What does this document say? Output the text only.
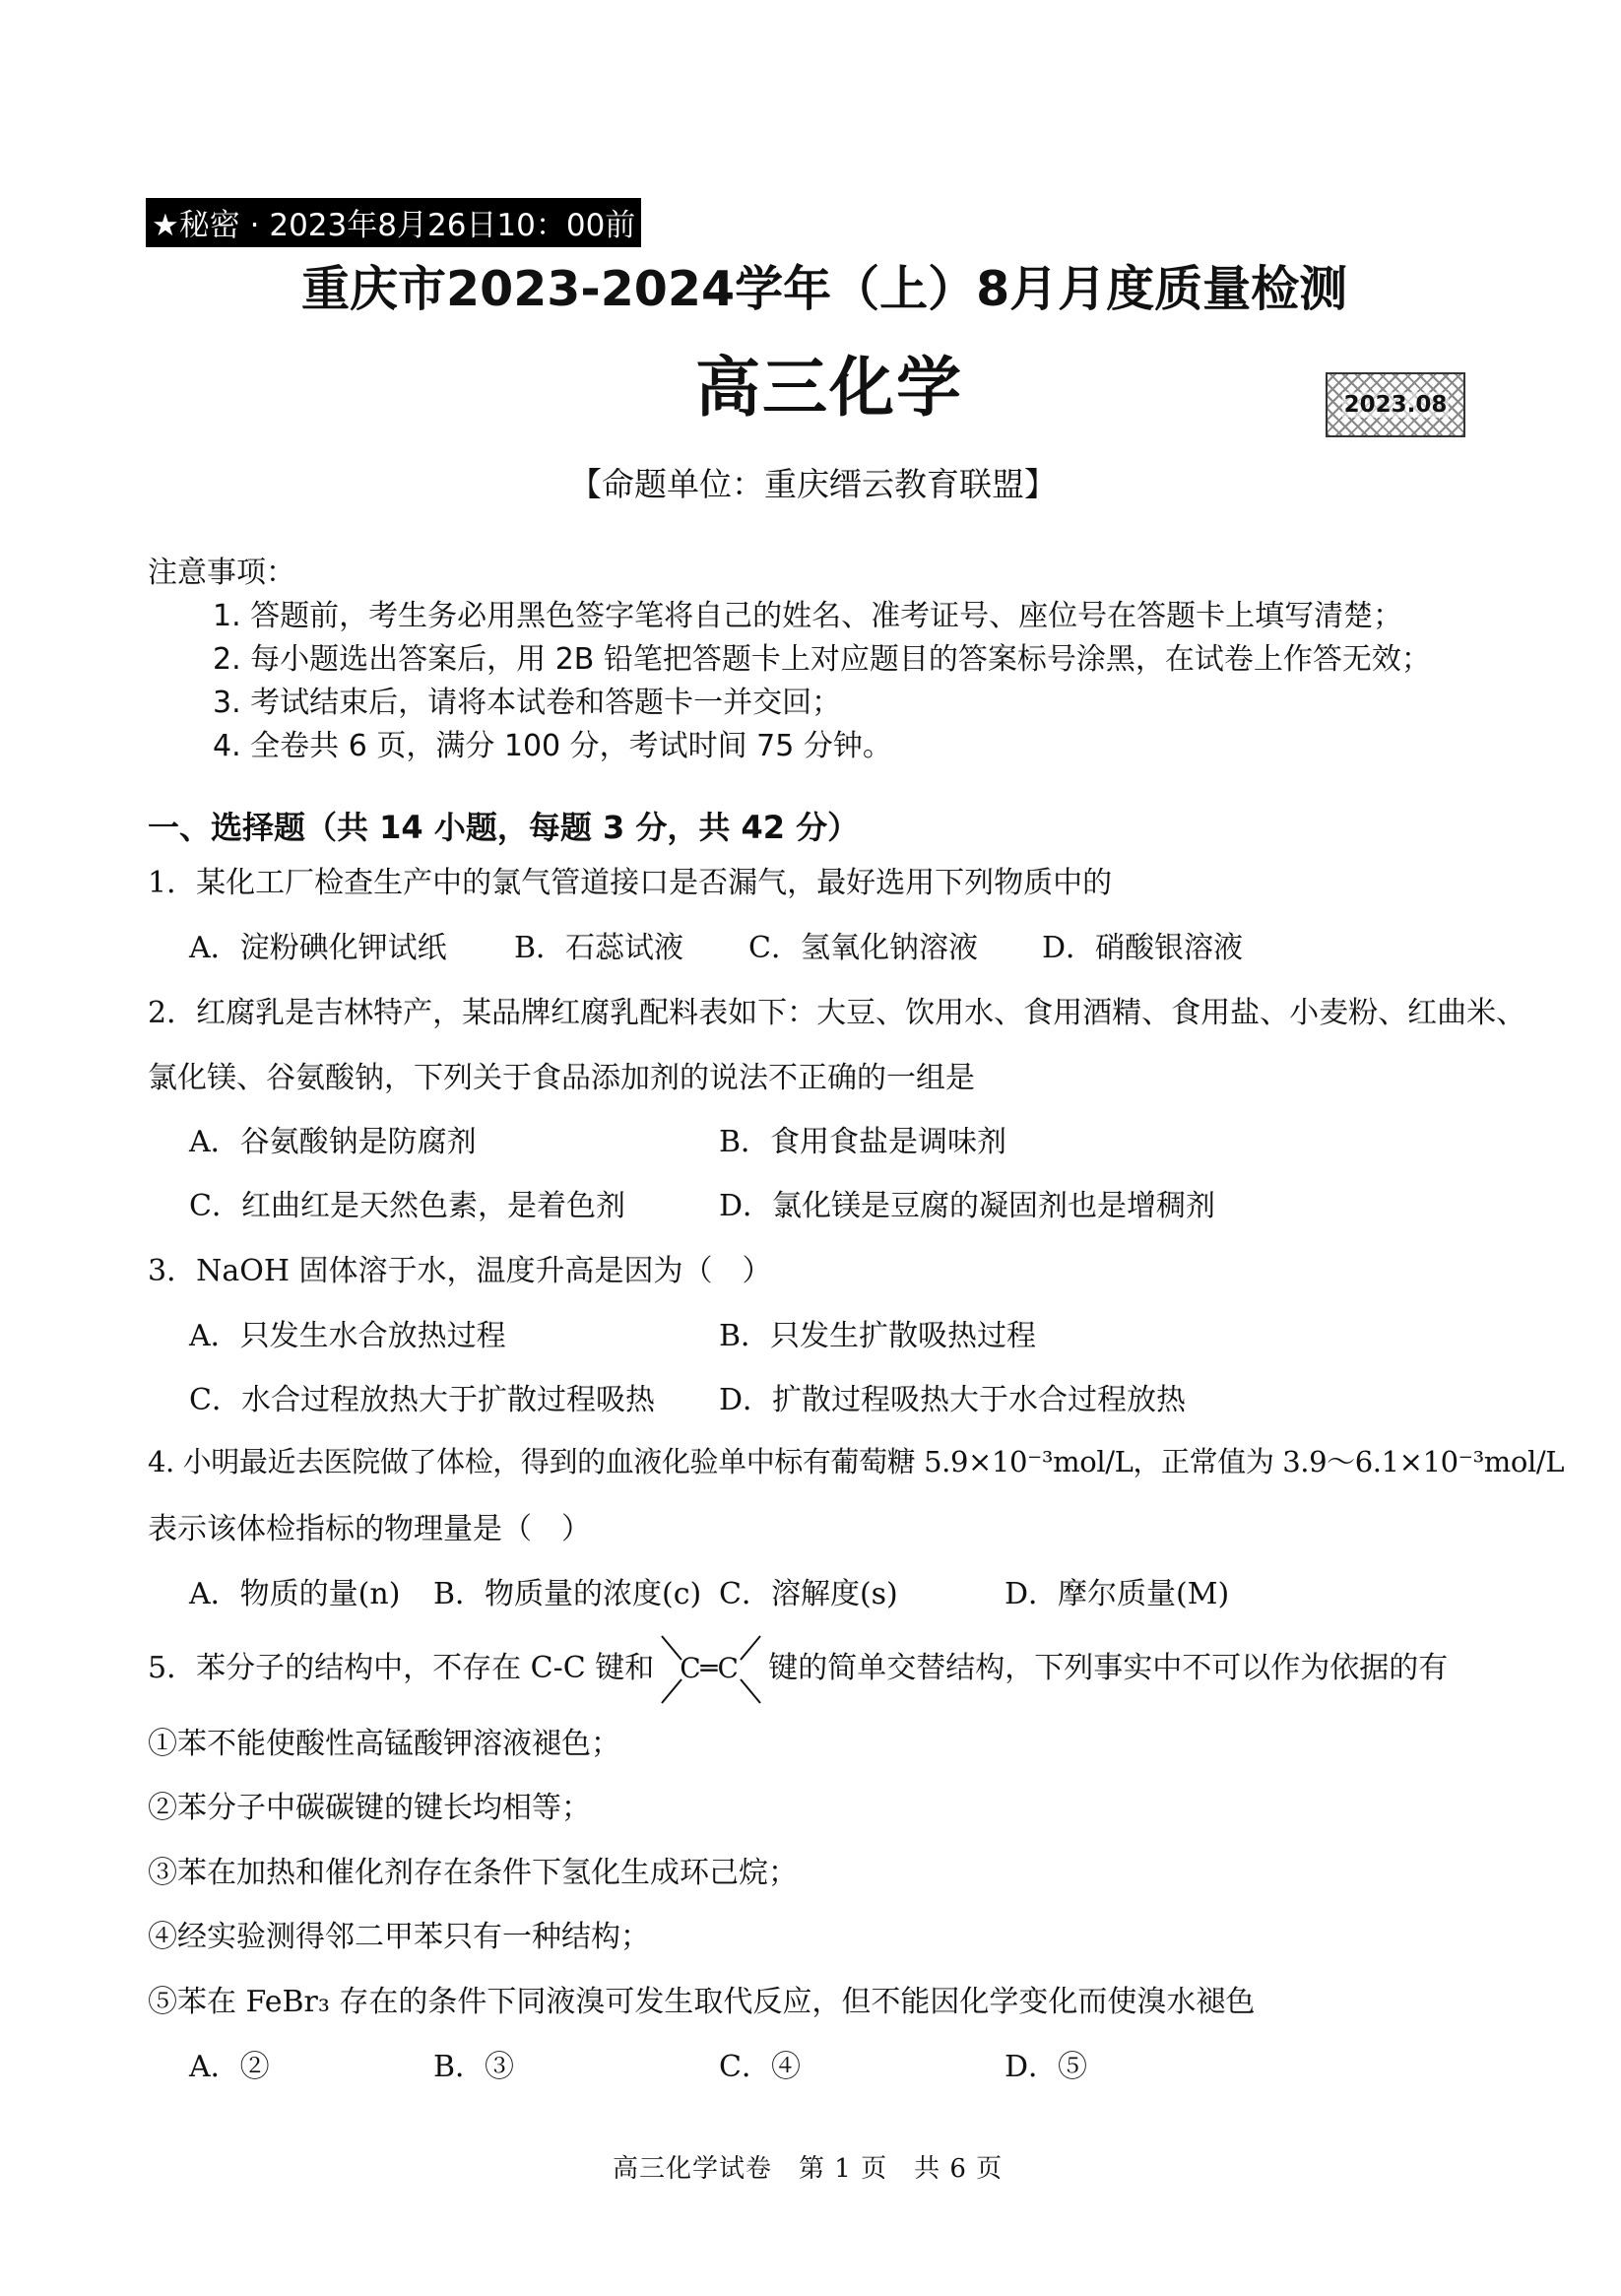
★秘密 · 2023年8月26日10：00前
重庆市2023-2024学年（上）8月月度质量检测
高三化学	2023.08
【命题单位：重庆缙云教育联盟】
注意事项：
1. 答题前，考生务必用黑色签字笔将自己的姓名、准考证号、座位号在答题卡上填写清楚；
2. 每小题选出答案后，用 2B 铅笔把答题卡上对应题目的答案标号涂黑，在试卷上作答无效；
3. 考试结束后，请将本试卷和答题卡一并交回；
4. 全卷共 6 页，满分 100 分，考试时间 75 分钟。
一、选择题（共 14 小题，每题 3 分，共 42 分）
1．某化工厂检查生产中的氯气管道接口是否漏气，最好选用下列物质中的
A．淀粉碘化钾试纸 B．石蕊试液 C．氢氧化钠溶液 D．硝酸银溶液
2．红腐乳是吉林特产，某品牌红腐乳配料表如下：大豆、饮用水、食用酒精、食用盐、小麦粉、红曲米、
氯化镁、谷氨酸钠，下列关于食品添加剂的说法不正确的一组是
A．谷氨酸钠是防腐剂	B．食用食盐是调味剂
C．红曲红是天然色素，是着色剂	D．氯化镁是豆腐的凝固剂也是增稠剂
3．NaOH 固体溶于水，温度升高是因为（　）
A．只发生水合放热过程	B．只发生扩散吸热过程
C．水合过程放热大于扩散过程吸热 D．扩散过程吸热大于水合过程放热
4. 小明最近去医院做了体检，得到的血液化验单中标有葡萄糖 5.9×10⁻³mol/L，正常值为 3.9～6.1×10⁻³mol/L
表示该体检指标的物理量是（　）
A．物质的量(n) B．物质量的浓度(c) C．溶解度(s)	D．摩尔质量(M)
5．苯分子的结构中，不存在 C-C 键和 C═C 键的简单交替结构，下列事实中不可以作为依据的有
①苯不能使酸性高锰酸钾溶液褪色；
②苯分子中碳碳键的键长均相等；
③苯在加热和催化剂存在条件下氢化生成环己烷；
④经实验测得邻二甲苯只有一种结构；
⑤苯在 FeBr₃ 存在的条件下同液溴可发生取代反应，但不能因化学变化而使溴水褪色
A．②	B．③	C．④	D．⑤
高三化学试卷　第 1 页　共 6 页
